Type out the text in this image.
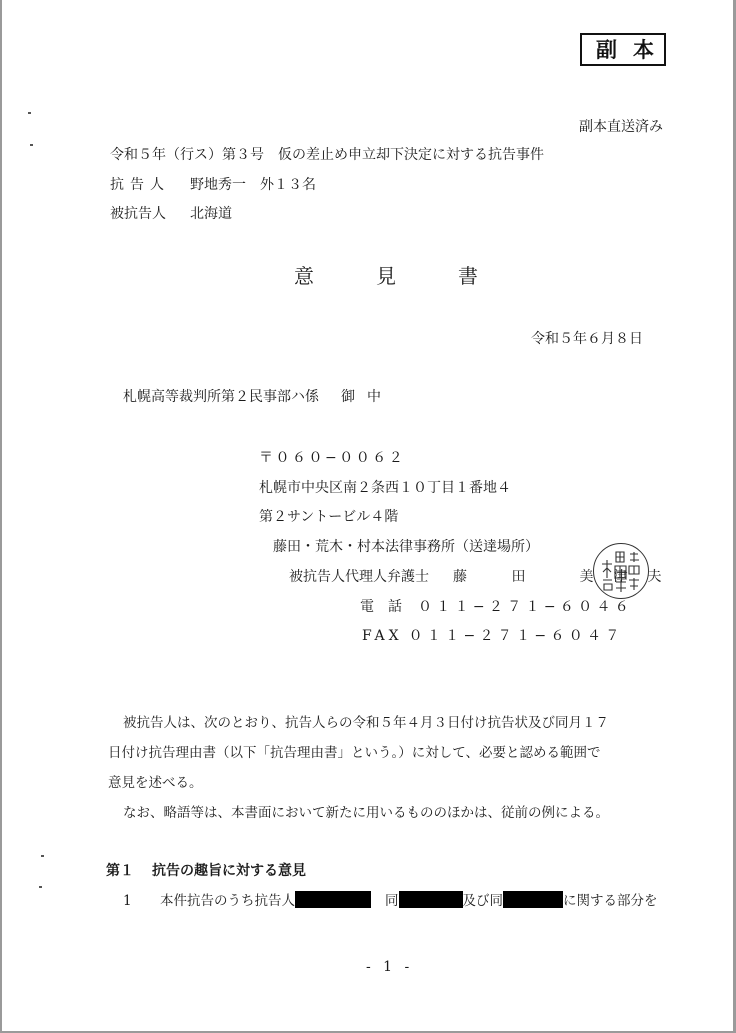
副本
副本直送済み
令和５年（行ス）第３号　仮の差止め申立却下決定に対する抗告事件
抗告人 野地秀一　外１３名
被抗告人 北海道
意	見	書
令和５年６月８日
札幌高等裁判所第２民事部ハ係 御中
〒０６０−００６２
札幌市中央区南２条西１０丁目１番地４
第２サントービル４階
藤田・荒木・村本法律事務所（送達場所）
被抗告人代理人弁護士 藤 田　美津夫
電話 ０１１−２７１−６０４６
FAX ０１１−２７１−６０４７
被抗告人は、次のとおり、抗告人らの令和５年４月３日付け抗告状及び同月１７
日付け抗告理由書（以下「抗告理由書」という。）に対して、必要と認める範囲で
意見を述べる。
なお、略語等は、本書面において新たに用いるもののほかは、従前の例による。
第１ 抗告の趣旨に対する意見
1 本件抗告のうち抗告人	同	及び同	に関する部分を
- 1 -
